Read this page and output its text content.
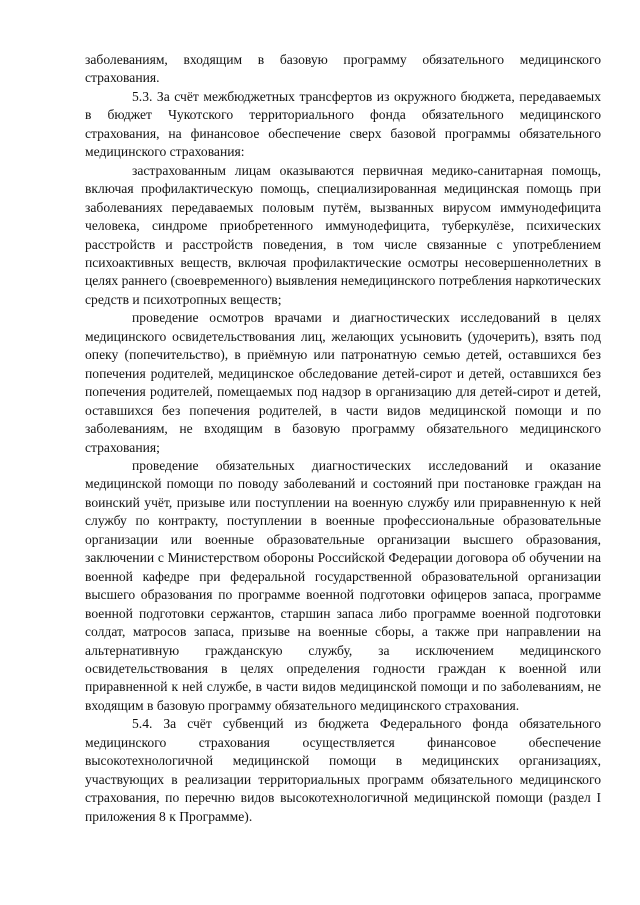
заболеваниям, входящим в базовую программу обязательного медицинского страхования.

5.3. За счёт межбюджетных трансфертов из окружного бюджета, передаваемых в бюджет Чукотского территориального фонда обязательного медицинского страхования, на финансовое обеспечение сверх базовой программы обязательного медицинского страхования:

застрахованным лицам оказываются первичная медико-санитарная помощь, включая профилактическую помощь, специализированная медицинская помощь при заболеваниях передаваемых половым путём, вызванных вирусом иммунодефицита человека, синдроме приобретенного иммунодефицита, туберкулёзе, психических расстройств и расстройств поведения, в том числе связанные с употреблением психоактивных веществ, включая профилактические осмотры несовершеннолетних в целях раннего (своевременного) выявления немедицинского потребления наркотических средств и психотропных веществ;

проведение осмотров врачами и диагностических исследований в целях медицинского освидетельствования лиц, желающих усыновить (удочерить), взять под опеку (попечительство), в приёмную или патронатную семью детей, оставшихся без попечения родителей, медицинское обследование детей-сирот и детей, оставшихся без попечения родителей, помещаемых под надзор в организацию для детей-сирот и детей, оставшихся без попечения родителей, в части видов медицинской помощи и по заболеваниям, не входящим в базовую программу обязательного медицинского страхования;

проведение обязательных диагностических исследований и оказание медицинской помощи по поводу заболеваний и состояний при постановке граждан на воинский учёт, призыве или поступлении на военную службу или приравненную к ней службу по контракту, поступлении в военные профессиональные образовательные организации или военные образовательные организации высшего образования, заключении с Министерством обороны Российской Федерации договора об обучении на военной кафедре при федеральной государственной образовательной организации высшего образования по программе военной подготовки офицеров запаса, программе военной подготовки сержантов, старшин запаса либо программе военной подготовки солдат, матросов запаса, призыве на военные сборы, а также при направлении на альтернативную гражданскую службу, за исключением медицинского освидетельствования в целях определения годности граждан к военной или приравненной к ней службе, в части видов медицинской помощи и по заболеваниям, не входящим в базовую программу обязательного медицинского страхования.

5.4. За счёт субвенций из бюджета Федерального фонда обязательного медицинского страхования осуществляется финансовое обеспечение высокотехнологичной медицинской помощи в медицинских организациях, участвующих в реализации территориальных программ обязательного медицинского страхования, по перечню видов высокотехнологичной медицинской помощи (раздел I приложения 8 к Программе).
